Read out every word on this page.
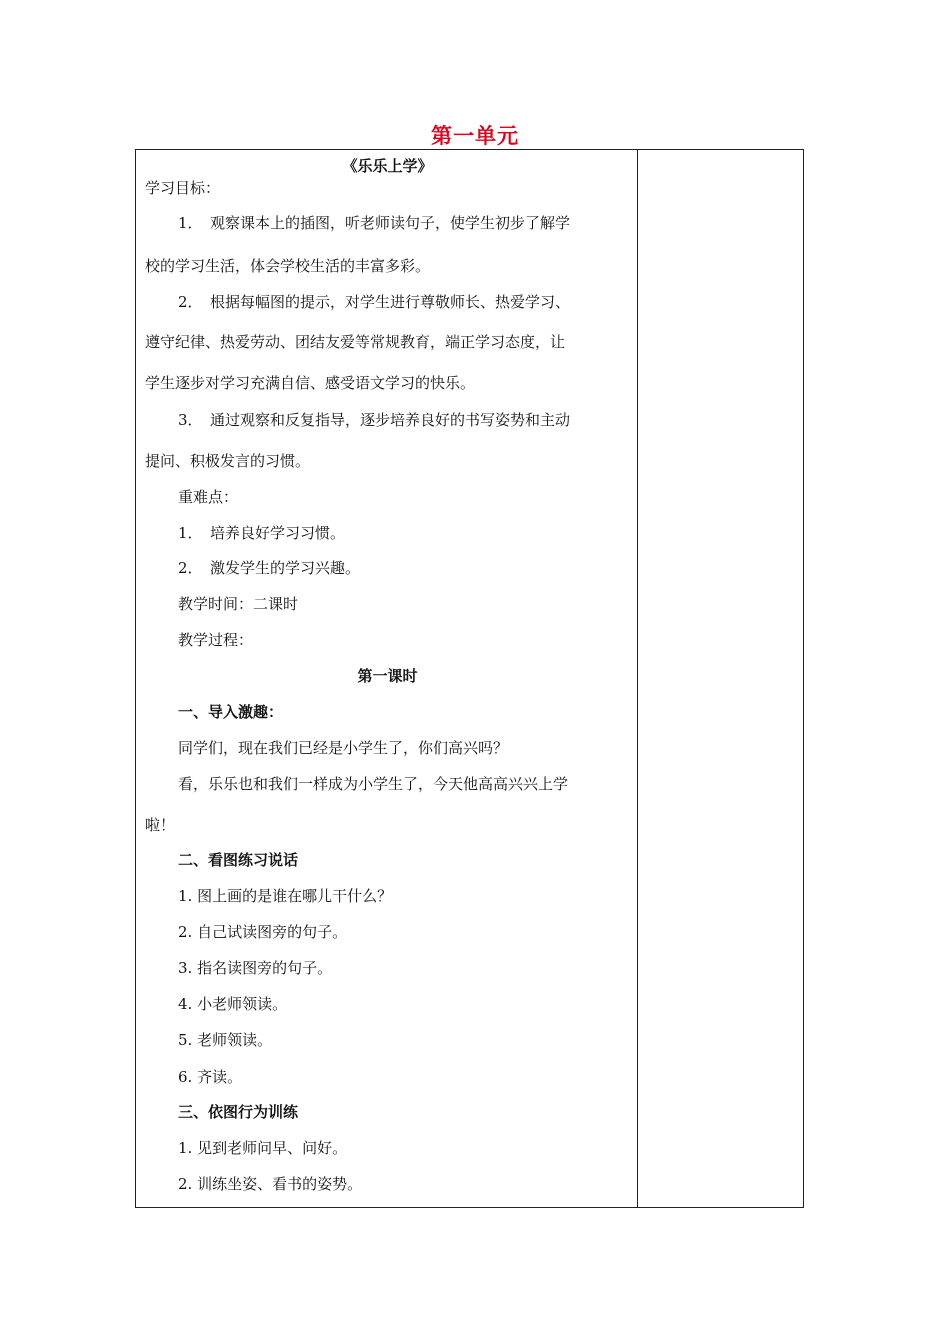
第一单元
《乐乐上学》
学习目标：
1．　观察课本上的插图，听老师读句子，使学生初步了解学
校的学习生活，体会学校生活的丰富多彩。
2．　根据每幅图的提示，对学生进行尊敬师长、热爱学习、
遵守纪律、热爱劳动、团结友爱等常规教育，端正学习态度，让
学生逐步对学习充满自信、感受语文学习的快乐。
3．　通过观察和反复指导，逐步培养良好的书写姿势和主动
提问、积极发言的习惯。
重难点：
1．　培养良好学习习惯。
2．　激发学生的学习兴趣。
教学时间：二课时
教学过程：
第一课时
一、导入激趣：
同学们，现在我们已经是小学生了，你们高兴吗？
看，乐乐也和我们一样成为小学生了，今天他高高兴兴上学
啦！
二、看图练习说话
1. 图上画的是谁在哪儿干什么？
2. 自己试读图旁的句子。
3. 指名读图旁的句子。
4. 小老师领读。
5. 老师领读。
6. 齐读。
三、依图行为训练
1. 见到老师问早、问好。
2. 训练坐姿、看书的姿势。
